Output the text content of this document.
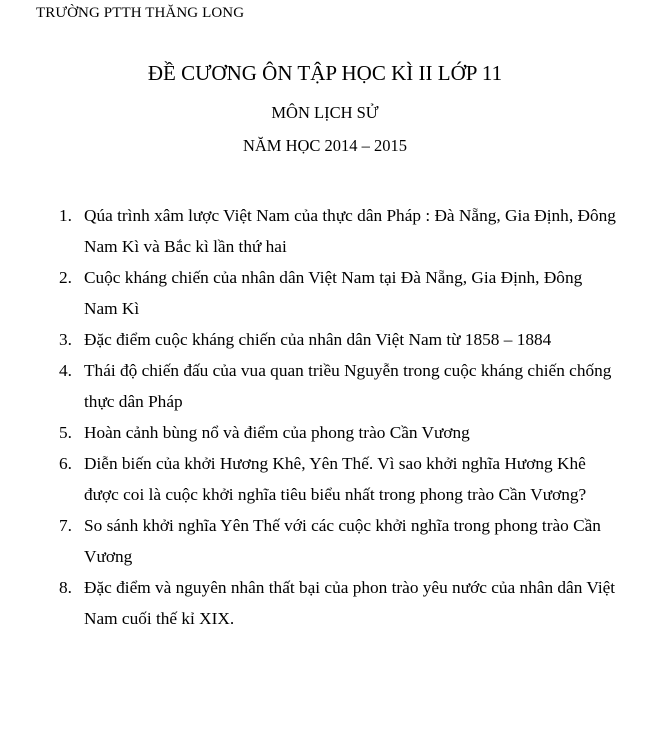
TRƯỜNG PTTH THĂNG LONG
ĐỀ CƯƠNG ÔN TẬP HỌC KÌ II LỚP 11
MÔN LỊCH SỬ
NĂM HỌC 2014 – 2015
1. Qúa trình xâm lược Việt Nam của thực dân Pháp : Đà Nẵng, Gia Định, Đông Nam Kì và Bắc kì lần thứ hai
2. Cuộc kháng chiến của nhân dân Việt Nam tại Đà Nẵng, Gia Định, Đông Nam Kì
3. Đặc điểm cuộc kháng chiến của nhân dân Việt Nam từ 1858 – 1884
4. Thái độ chiến đấu của vua quan triều Nguyễn trong cuộc kháng chiến chống thực dân Pháp
5. Hoàn cảnh bùng nổ và điểm của phong trào Cần Vương
6. Diễn biến của khởi Hương Khê, Yên Thế. Vì sao khởi nghĩa Hương Khê được coi là cuộc khởi nghĩa tiêu biểu nhất trong phong trào Cần Vương?
7. So sánh khởi nghĩa Yên Thế với các cuộc khởi nghĩa trong phong trào Cần Vương
8. Đặc điểm và nguyên nhân thất bại của phon trào yêu nước của nhân dân Việt Nam cuối thế kỉ XIX.
